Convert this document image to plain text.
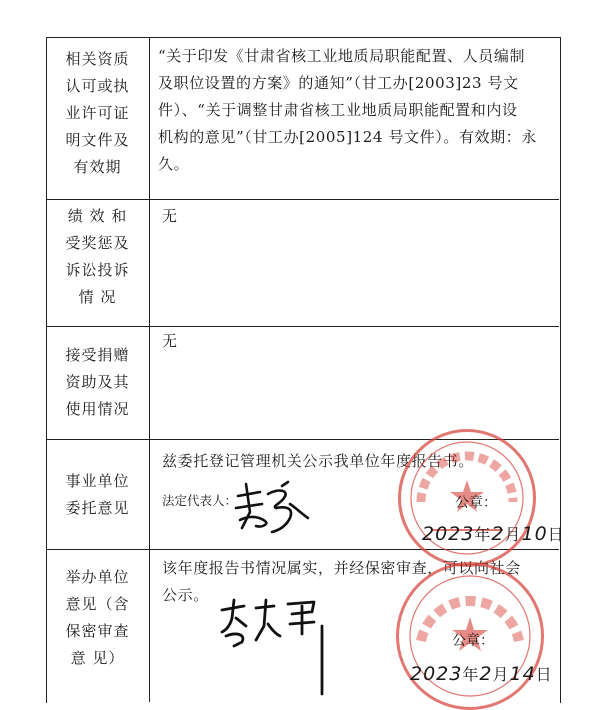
相关资质
认可或执
业许可证
明文件及
有效期
“关于印发《甘肃省核工业地质局职能配置、人员编制
及职位设置的方案》的通知”（甘工办[2003]23 号文
件）、“关于调整甘肃省核工业地质局职能配置和内设
机构的意见”（甘工办[2005]124 号文件）。有效期：永
久。
绩 效 和
受奖惩及
诉讼投诉
情 况
无
接受捐赠
资助及其
使用情况
无
事业单位
委托意见
兹委托登记管理机关公示我单位年度报告书。
法定代表人：	公章：
2023年2月10日
举办单位
意见（含
保密审查
意 见）
该年度报告书情况属实，并经保密审查，可以向社会
公示。
公章：
2023年2月14日
